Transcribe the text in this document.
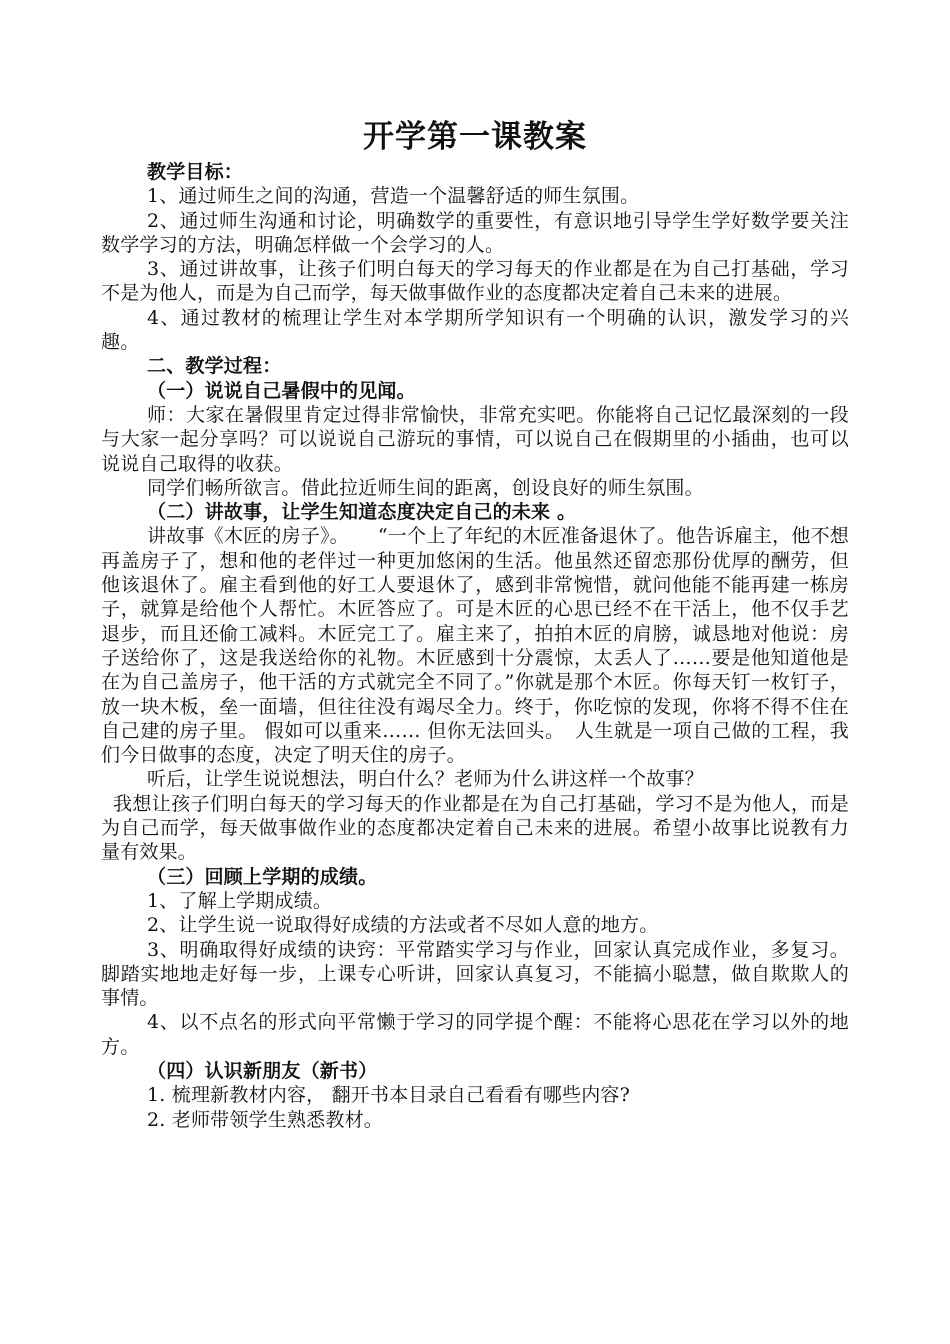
开学第一课教案

教学目标：

1、通过师生之间的沟通，营造一个温馨舒适的师生氛围。

2、通过师生沟通和讨论，明确数学的重要性，有意识地引导学生学好数学要关注数学学习的方法，明确怎样做一个会学习的人。

3、通过讲故事，让孩子们明白每天的学习每天的作业都是在为自己打基础，学习不是为他人，而是为自己而学，每天做事做作业的态度都决定着自己未来的进展。

4、通过教材的梳理让学生对本学期所学知识有一个明确的认识，激发学习的兴趣。

二、教学过程：

（一）说说自己暑假中的见闻。

师：大家在暑假里肯定过得非常愉快，非常充实吧。你能将自己记忆最深刻的一段与大家一起分享吗？可以说说自己游玩的事情，可以说自己在假期里的小插曲，也可以说说自己取得的收获。

同学们畅所欲言。借此拉近师生间的距离，创设良好的师生氛围。

（二）讲故事，让学生知道态度决定自己的未来 。

讲故事《木匠的房子》。　　“一个上了年纪的木匠准备退休了。他告诉雇主，他不想再盖房子了，想和他的老伴过一种更加悠闲的生活。他虽然还留恋那份优厚的酬劳，但他该退休了。雇主看到他的好工人要退休了，感到非常惋惜，就问他能不能再建一栋房子，就算是给他个人帮忙。木匠答应了。可是木匠的心思已经不在干活上，他不仅手艺退步，而且还偷工减料。木匠完工了。雇主来了，拍拍木匠的肩膀，诚恳地对他说：房子送给你了，这是我送给你的礼物。木匠感到十分震惊，太丢人了……要是他知道他是在为自己盖房子，他干活的方式就完全不同了。”你就是那个木匠。你每天钉一枚钉子，放一块木板，垒一面墙，但往往没有竭尽全力。终于，你吃惊的发现，你将不得不住在自己建的房子里。 假如可以重来…… 但你无法回头。　人生就是一项自己做的工程，我们今日做事的态度，决定了明天住的房子。

听后，让学生说说想法，明白什么？老师为什么讲这样一个故事？

我想让孩子们明白每天的学习每天的作业都是在为自己打基础，学习不是为他人，而是为自己而学，每天做事做作业的态度都决定着自己未来的进展。希望小故事比说教有力量有效果。

（三）回顾上学期的成绩。

1、了解上学期成绩。

2、让学生说一说取得好成绩的方法或者不尽如人意的地方。

3、明确取得好成绩的诀窍：平常踏实学习与作业，回家认真完成作业，多复习。脚踏实地地走好每一步，上课专心听讲，回家认真复习，不能搞小聪慧，做自欺欺人的事情。

4、以不点名的形式向平常懒于学习的同学提个醒：不能将心思花在学习以外的地方。

（四）认识新朋友（新书）

1. 梳理新教材内容， 翻开书本目录自己看看有哪些内容?

2. 老师带领学生熟悉教材。
